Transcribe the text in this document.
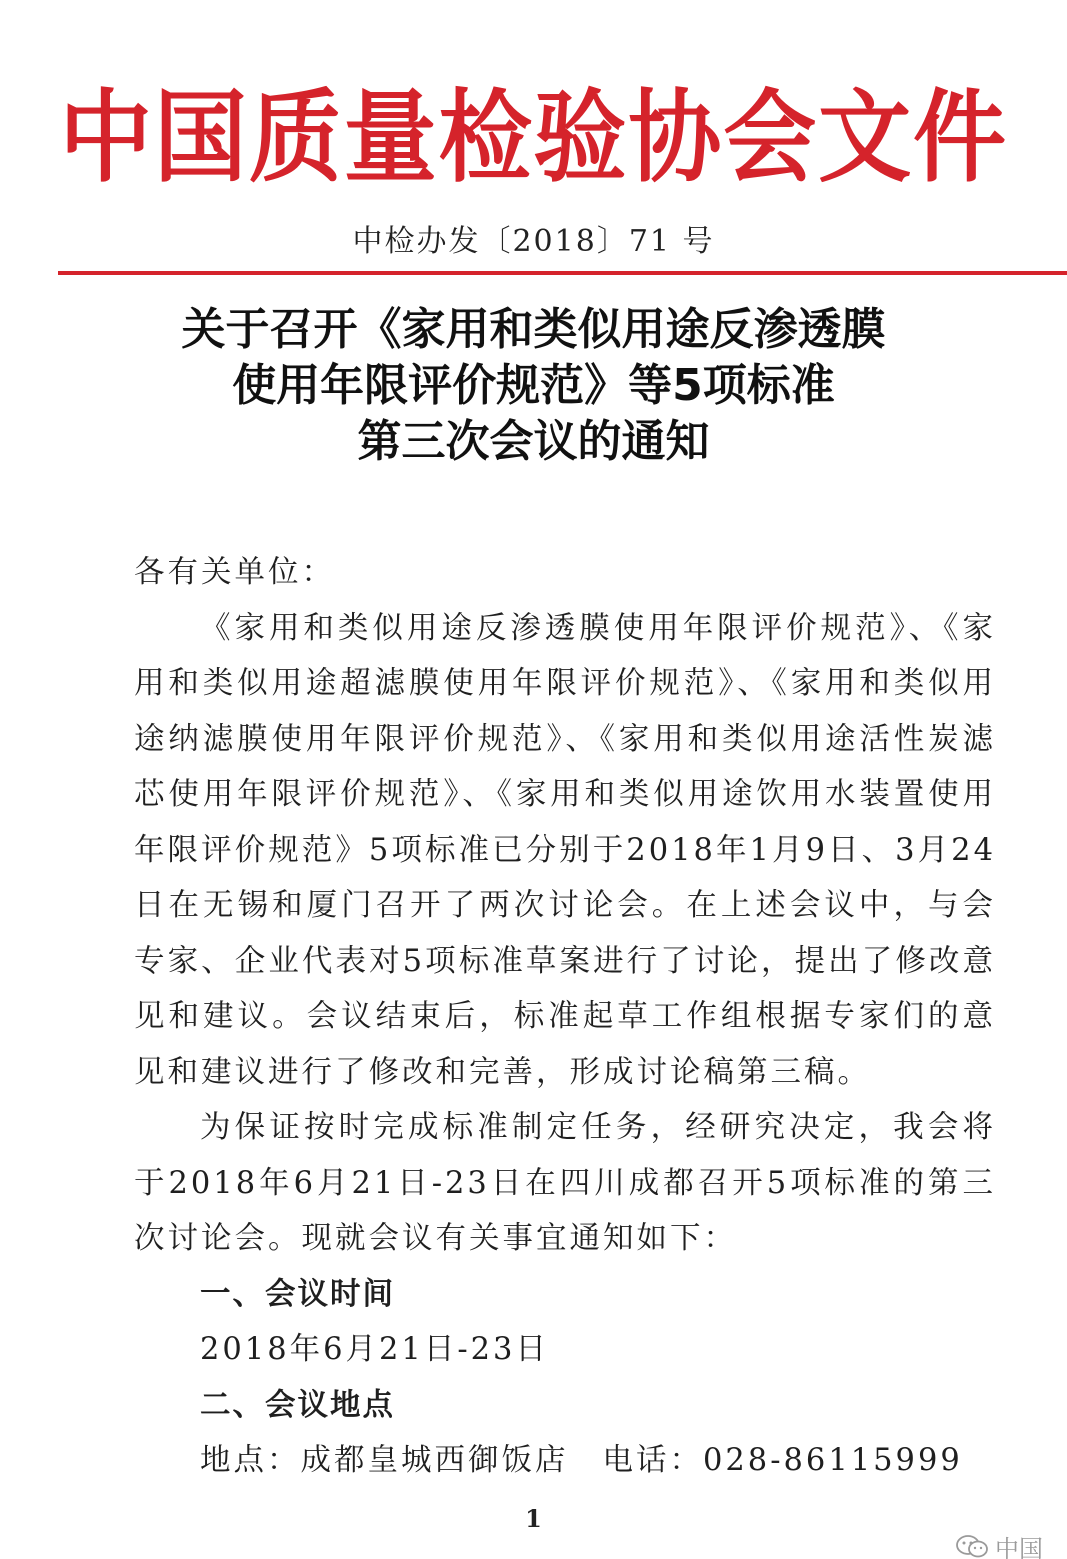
中国质量检验协会文件
中检办发〔2018〕71 号
关于召开《家用和类似用途反渗透膜
使用年限评价规范》等5项标准
第三次会议的通知

各有关单位：

《家用和类似用途反渗透膜使用年限评价规范》、《家用和类似用途超滤膜使用年限评价规范》、《家用和类似用途纳滤膜使用年限评价规范》、《家用和类似用途活性炭滤芯使用年限评价规范》、《家用和类似用途饮用水装置使用年限评价规范》5项标准已分别于2018年1月9日、3月24日在无锡和厦门召开了两次讨论会。在上述会议中，与会专家、企业代表对5项标准草案进行了讨论，提出了修改意见和建议。会议结束后，标准起草工作组根据专家们的意见和建议进行了修改和完善，形成讨论稿第三稿。

为保证按时完成标准制定任务，经研究决定，我会将于2018年6月21日-23日在四川成都召开5项标准的第三次讨论会。现就会议有关事宜通知如下：

一、会议时间

2018年6月21日-23日

二、会议地点

地点：成都皇城西御饭店 电话：028-86115999

1
中国
